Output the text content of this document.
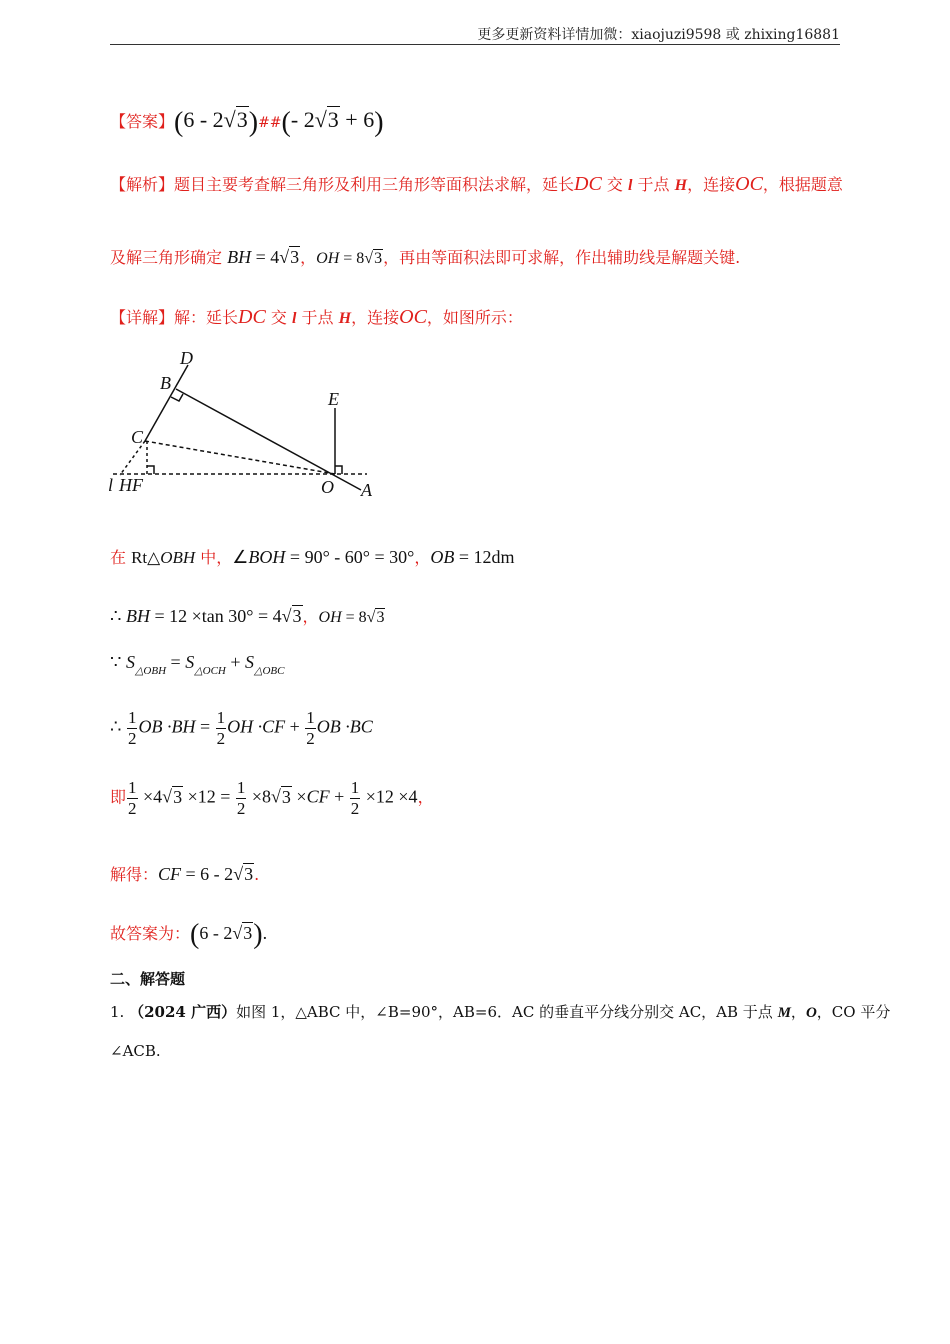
更多更新资料详情加微：xiaojuzi9598 或 zhixing16881
【答案】(6 - 2√3)##(- 2√3 + 6)
【解析】题目主要考查解三角形及利用三角形等面积法求解，延长DC 交 l 于点 H，连接OC，根据题意
及解三角形确定 BH = 4√3，OH = 8√3，再由等面积法即可求解，作出辅助线是解题关键.
【详解】解：延长DC 交 l 于点 H，连接OC，如图所示：
D
B
E
C
l HF	O A
在 Rt△OBH 中，∠BOH = 90° - 60° = 30°，OB = 12dm
∴ BH = 12 ×tan 30° = 4√3，OH = 8√3
∵ $S_{\triangle OBH} = S_{\triangle OCH} + S_{\triangle OBC}$
∴ $\frac{1}{2}$ OB $\cdot BH = \frac{1}{2}$ OH $\cdot CF + \frac{1}{2}$ OB ·BC
即 $\frac{1}{2} \times 4√3 \times 12 = \frac{1}{2} \times 8√3 \times CF + \frac{1}{2} \times 12 \times 4$，
解得：CF = 6 - 2√3.
故答案为：(6 - 2√3).
二、解答题
1. （2024 广西）如图 1，△ABC 中，∠B=90°，AB=6．AC 的垂直平分线分别交 AC，AB 于点 M，O，CO 平分
∠ACB.
